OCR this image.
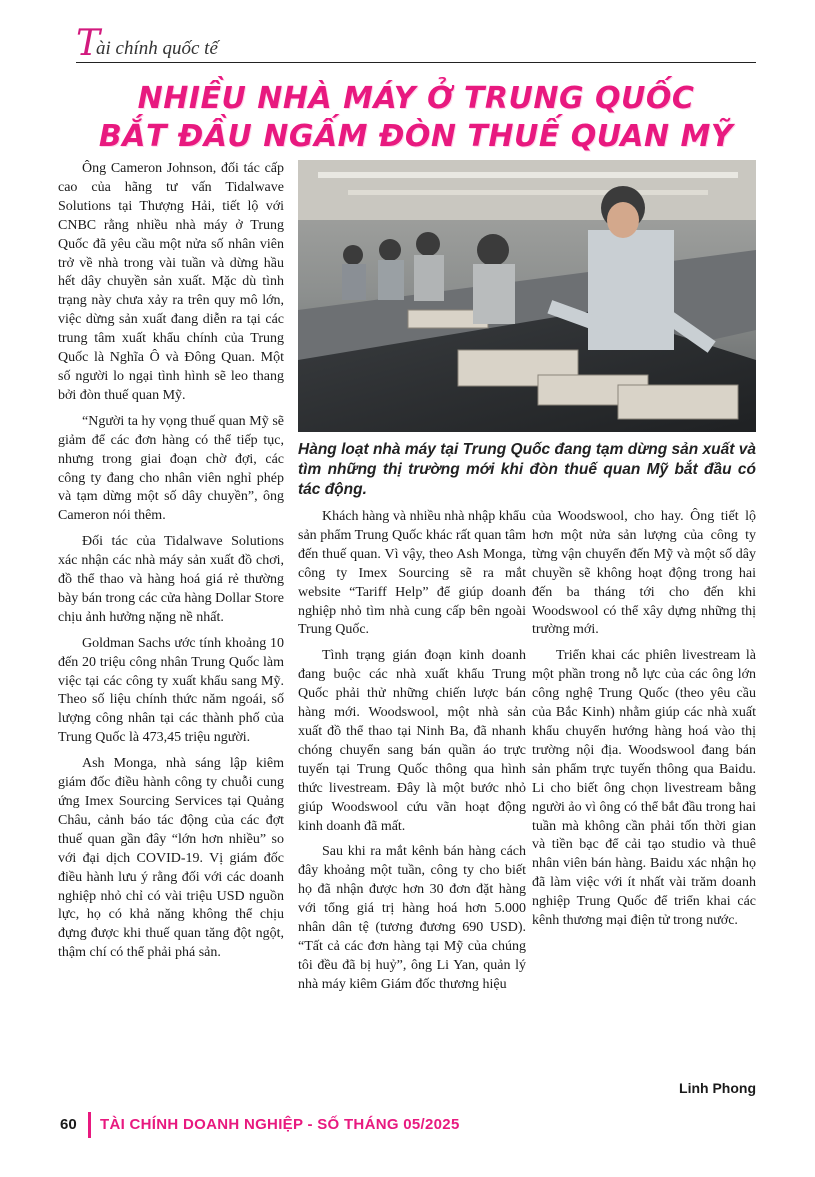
T
ài chính quốc tế
NHIỀU NHÀ MÁY Ở TRUNG QUỐC
BẮT ĐẦU NGẤM ĐÒN THUẾ QUAN MỸ

Ông Cameron Johnson, đối tác cấp cao của hãng tư vấn Tidalwave Solutions tại Thượng Hải, tiết lộ với CNBC rằng nhiều nhà máy ở Trung Quốc đã yêu cầu một nửa số nhân viên trở về nhà trong vài tuần và dừng hầu hết dây chuyền sản xuất. Mặc dù tình trạng này chưa xảy ra trên quy mô lớn, việc dừng sản xuất đang diễn ra tại các trung tâm xuất khẩu chính của Trung Quốc là Nghĩa Ô và Đông Quan. Một số người lo ngại tình hình sẽ leo thang bởi đòn thuế quan Mỹ.

“Người ta hy vọng thuế quan Mỹ sẽ giảm để các đơn hàng có thể tiếp tục, nhưng trong giai đoạn chờ đợi, các công ty đang cho nhân viên nghỉ phép và tạm dừng một số dây chuyền”, ông Cameron nói thêm.

Đối tác của Tidalwave Solutions xác nhận các nhà máy sản xuất đồ chơi, đồ thể thao và hàng hoá giá rẻ thường bày bán trong các cửa hàng Dollar Store chịu ảnh hưởng nặng nề nhất.

Goldman Sachs ước tính khoảng 10 đến 20 triệu công nhân Trung Quốc làm việc tại các công ty xuất khẩu sang Mỹ. Theo số liệu chính thức năm ngoái, số lượng công nhân tại các thành phố của Trung Quốc là 473,45 triệu người.

Ash Monga, nhà sáng lập kiêm giám đốc điều hành công ty chuỗi cung ứng Imex Sourcing Services tại Quảng Châu, cảnh báo tác động của các đợt thuế quan gần đây “lớn hơn nhiều” so với đại dịch COVID-19. Vị giám đốc điều hành lưu ý rằng đối với các doanh nghiệp nhỏ chỉ có vài triệu USD nguồn lực, họ có khả năng không thể chịu đựng được khi thuế quan tăng đột ngột, thậm chí có thể phải phá sản.

Hàng loạt nhà máy tại Trung Quốc đang tạm dừng sản xuất và tìm những thị trường mới khi đòn thuế quan Mỹ bắt đầu có tác động.

Khách hàng và nhiều nhà nhập khẩu sản phẩm Trung Quốc khác rất quan tâm đến thuế quan. Vì vậy, theo Ash Monga, công ty Imex Sourcing sẽ ra mắt website “Tariff Help” để giúp doanh nghiệp nhỏ tìm nhà cung cấp bên ngoài Trung Quốc.

Tình trạng gián đoạn kinh doanh đang buộc các nhà xuất khẩu Trung Quốc phải thử những chiến lược bán hàng mới. Woodswool, một nhà sản xuất đồ thể thao tại Ninh Ba, đã nhanh chóng chuyển sang bán quần áo trực tuyến tại Trung Quốc thông qua hình thức livestream. Đây là một bước nhỏ giúp Woodswool cứu vãn hoạt động kinh doanh đã mất.

Sau khi ra mắt kênh bán hàng cách đây khoảng một tuần, công ty cho biết họ đã nhận được hơn 30 đơn đặt hàng với tổng giá trị hàng hoá hơn 5.000 nhân dân tệ (tương đương 690 USD). “Tất cả các đơn hàng tại Mỹ của chúng tôi đều đã bị huỷ”, ông Li Yan, quản lý nhà máy kiêm Giám đốc thương hiệu

của Woodswool, cho hay. Ông tiết lộ hơn một nửa sản lượng của công ty từng vận chuyển đến Mỹ và một số dây chuyền sẽ không hoạt động trong hai đến ba tháng tới cho đến khi Woodswool có thể xây dựng những thị trường mới.

Triển khai các phiên livestream là một phần trong nỗ lực của các ông lớn công nghệ Trung Quốc (theo yêu cầu của Bắc Kinh) nhằm giúp các nhà xuất khẩu chuyển hướng hàng hoá vào thị trường nội địa. Woodswool đang bán sản phẩm trực tuyến thông qua Baidu. Li cho biết ông chọn livestream bằng người ảo vì ông có thể bắt đầu trong hai tuần mà không cần phải tốn thời gian và tiền bạc để cải tạo studio và thuê nhân viên bán hàng. Baidu xác nhận họ đã làm việc với ít nhất vài trăm doanh nghiệp Trung Quốc để triển khai các kênh thương mại điện tử trong nước.

Linh Phong
60 TÀI CHÍNH DOANH NGHIỆP - SỐ THÁNG 05/2025
